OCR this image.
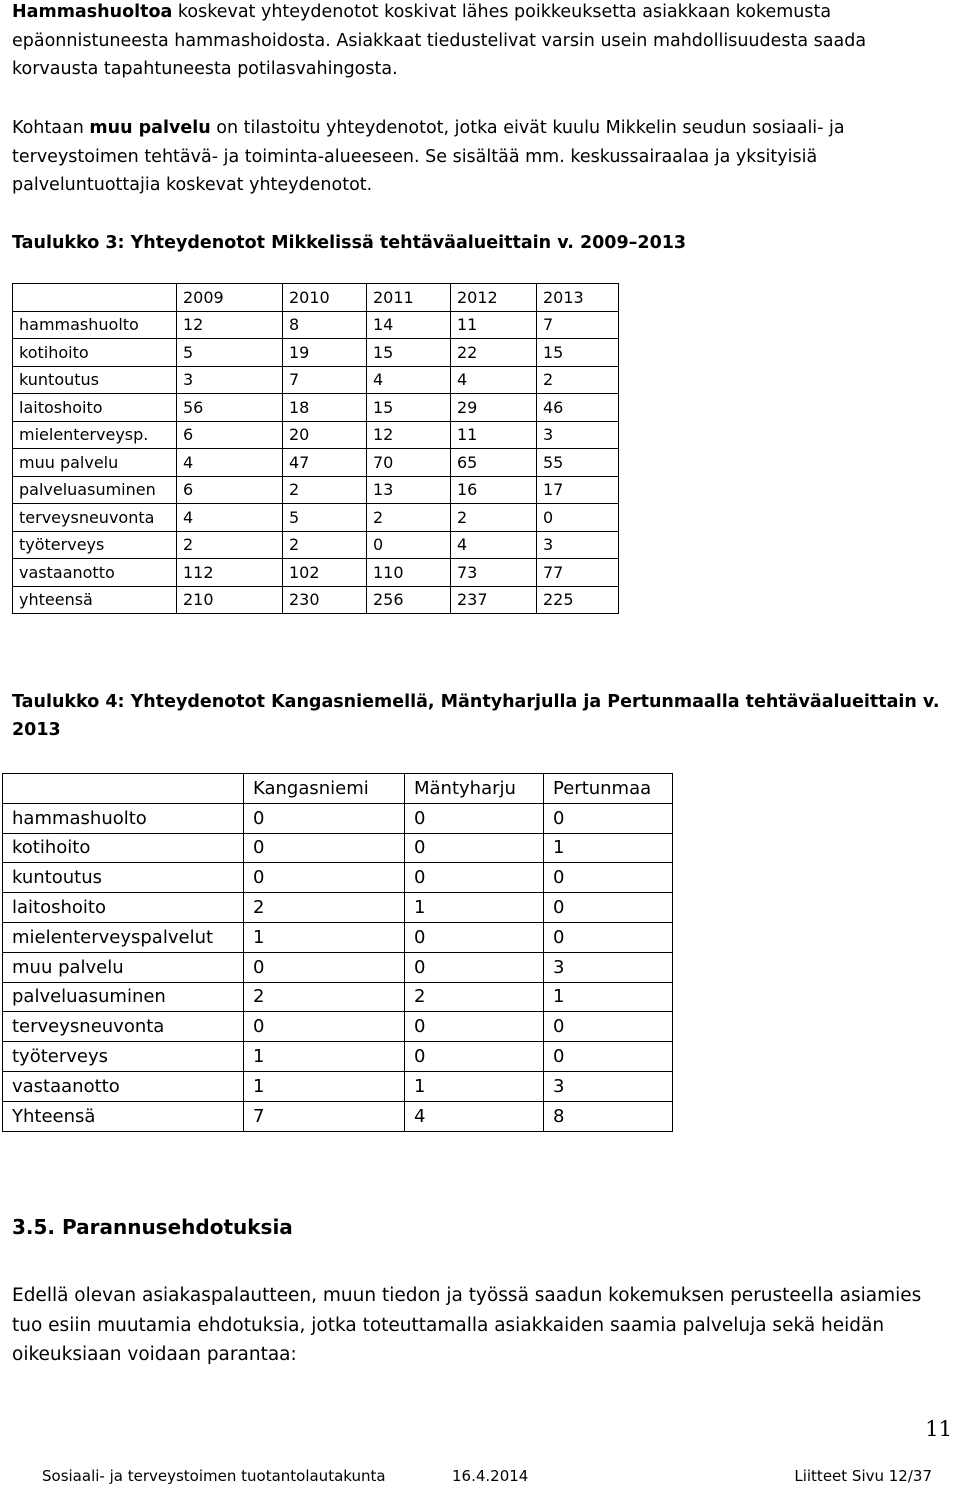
Hammashuoltoa koskevat yhteydenotot koskivat lähes poikkeuksetta asiakkaan kokemusta epäonnistuneesta hammashoidosta. Asiakkaat tiedustelivat varsin usein mahdollisuudesta saada korvausta tapahtuneesta potilasvahingosta.

Kohtaan muu palvelu on tilastoitu yhteydenotot, jotka eivät kuulu Mikkelin seudun sosiaali- ja terveystoimen tehtävä- ja toiminta-alueeseen. Se sisältää mm. keskussairaalaa ja yksityisiä palveluntuottajia koskevat yhteydenotot.

Taulukko 3: Yhteydenotot Mikkelissä tehtäväalueittain v. 2009–2013

	2009	2010	2011	2012	2013
hammashuolto	12	8	14	11	7
kotihoito	5	19	15	22	15
kuntoutus	3	7	4	4	2
laitoshoito	56	18	15	29	46
mielenterveysp.	6	20	12	11	3
muu palvelu	4	47	70	65	55
palveluasuminen	6	2	13	16	17
terveysneuvonta	4	5	2	2	0
työterveys	2	2	0	4	3
vastaanotto	112	102	110	73	77
yhteensä	210	230	256	237	225

Taulukko 4: Yhteydenotot Kangasniemellä, Mäntyharjulla ja Pertunmaalla tehtäväalueittain v. 2013

	Kangasniemi	Mäntyharju	Pertunmaa
hammashuolto	0	0	0
kotihoito	0	0	1
kuntoutus	0	0	0
laitoshoito	2	1	0
mielenterveyspalvelut	1	0	0
muu palvelu	0	0	3
palveluasuminen	2	2	1
terveysneuvonta	0	0	0
työterveys	1	0	0
vastaanotto	1	1	3
Yhteensä	7	4	8

3.5. Parannusehdotuksia

Edellä olevan asiakaspalautteen, muun tiedon ja työssä saadun kokemuksen perusteella asiamies tuo esiin muutamia ehdotuksia, jotka toteuttamalla asiakkaiden saamia palveluja sekä heidän oikeuksiaan voidaan parantaa:

11
Sosiaali- ja terveystoimen tuotantolautakunta	16.4.2014	Liitteet Sivu 12/37
